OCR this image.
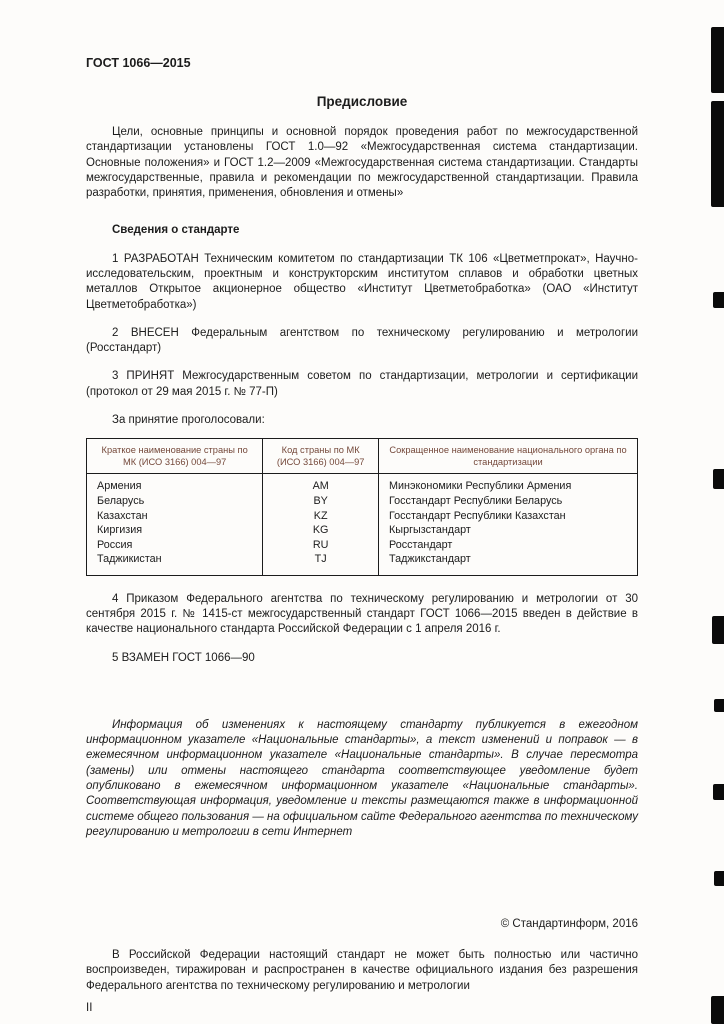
ГОСТ 1066—2015
Предисловие

Цели, основные принципы и основной порядок проведения работ по межгосударственной стандартизации установлены ГОСТ 1.0—92 «Межгосударственная система стандартизации. Основные положения» и ГОСТ 1.2—2009 «Межгосударственная система стандартизации. Стандарты межгосударственные, правила и рекомендации по межгосударственной стандартизации. Правила разработки, принятия, применения, обновления и отмены»

Сведения о стандарте

1 РАЗРАБОТАН Техническим комитетом по стандартизации ТК 106 «Цветметпрокат», Научно-исследовательским, проектным и конструкторским институтом сплавов и обработки цветных металлов Открытое акционерное общество «Институт Цветметобработка» (ОАО «Институт Цветметобработка»)

2 ВНЕСЕН Федеральным агентством по техническому регулированию и метрологии (Росстандарт)

3 ПРИНЯТ Межгосударственным советом по стандартизации, метрологии и сертификации (протокол от 29 мая 2015 г. № 77-П)

За принятие проголосовали:

Краткое наименование страны по МК (ИСО 3166) 004—97	Код страны по МК (ИСО 3166) 004—97	Сокращенное наименование национального органа по стандартизации
Армения	AM	Минэкономики Республики Армения
Беларусь	BY	Госстандарт Республики Беларусь
Казахстан	KZ	Госстандарт Республики Казахстан
Киргизия	KG	Кыргызстандарт
Россия	RU	Росстандарт
Таджикистан	TJ	Таджикстандарт

4 Приказом Федерального агентства по техническому регулированию и метрологии от 30 сентября 2015 г. № 1415-ст межгосударственный стандарт ГОСТ 1066—2015 введен в действие в качестве национального стандарта Российской Федерации с 1 апреля 2016 г.

5 ВЗАМЕН ГОСТ 1066—90

Информация об изменениях к настоящему стандарту публикуется в ежегодном информационном указателе «Национальные стандарты», а текст изменений и поправок — в ежемесячном информационном указателе «Национальные стандарты». В случае пересмотра (замены) или отмены настоящего стандарта соответствующее уведомление будет опубликовано в ежемесячном информационном указателе «Национальные стандарты». Соответствующая информация, уведомление и тексты размещаются также в информационной системе общего пользования — на официальном сайте Федерального агентства по техническому регулированию и метрологии в сети Интернет

© Стандартинформ, 2016

В Российской Федерации настоящий стандарт не может быть полностью или частично воспроизведен, тиражирован и распространен в качестве официального издания без разрешения Федерального агентства по техническому регулированию и метрологии

II
